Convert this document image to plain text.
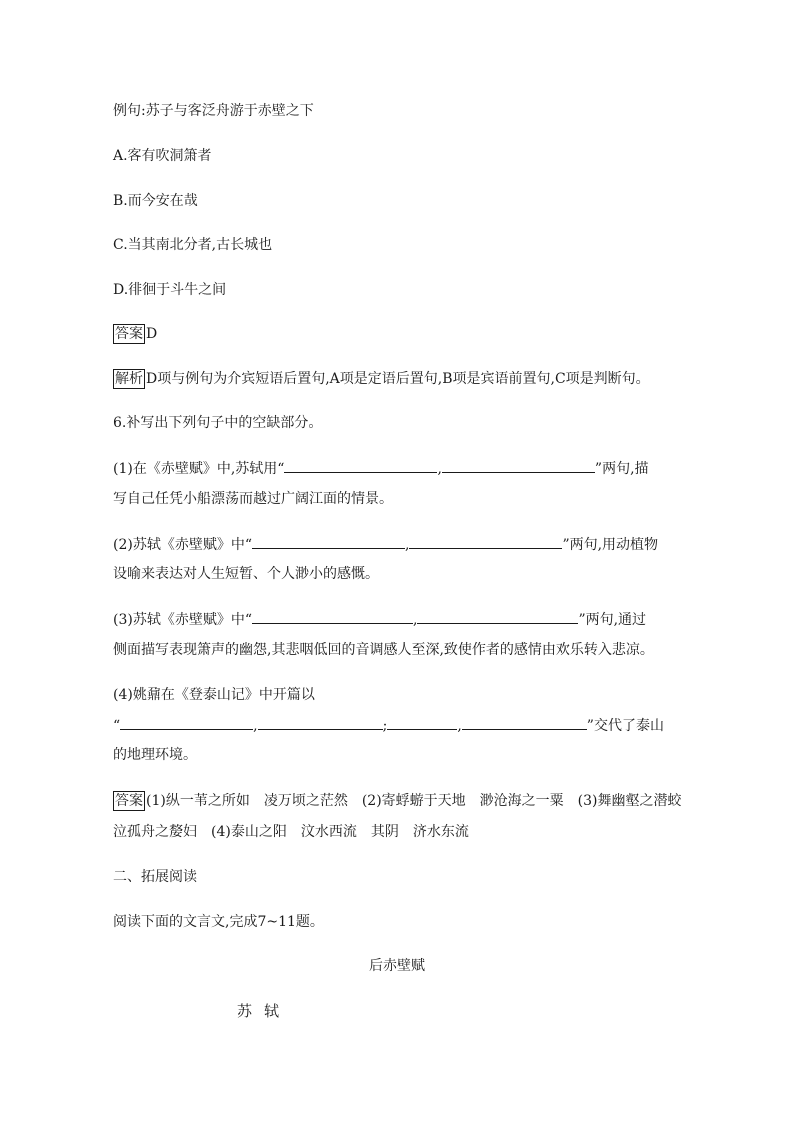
例句:苏子与客泛舟游于赤壁之下
A.客有吹洞箫者
B.而今安在哉
C.当其南北分者,古长城也
D.徘徊于斗牛之间
答案 D
解析 D项与例句为介宾短语后置句,A项是定语后置句,B项是宾语前置句,C项是判断句。
6.补写出下列句子中的空缺部分。
(1)在《赤壁赋》中,苏轼用“	,	”两句,描
写自己任凭小船漂荡而越过广阔江面的情景。
(2)苏轼《赤壁赋》中“	,	”两句,用动植物
设喻来表达对人生短暂、个人渺小的感慨。
(3)苏轼《赤壁赋》中“	,	”两句,通过
侧面描写表现箫声的幽怨,其悲咽低回的音调感人至深,致使作者的感情由欢乐转入悲凉。
(4)姚鼐在《登泰山记》中开篇以
“	,	;	,	”交代了泰山
的地理环境。
答案 (1)纵一苇之所如　凌万顷之茫然　(2)寄蜉蝣于天地　渺沧海之一粟　(3)舞幽壑之潜蛟
泣孤舟之嫠妇　(4)泰山之阳　汶水西流　其阴　济水东流
二、拓展阅读
阅读下面的文言文,完成7~11题。
后赤壁赋
苏轼
